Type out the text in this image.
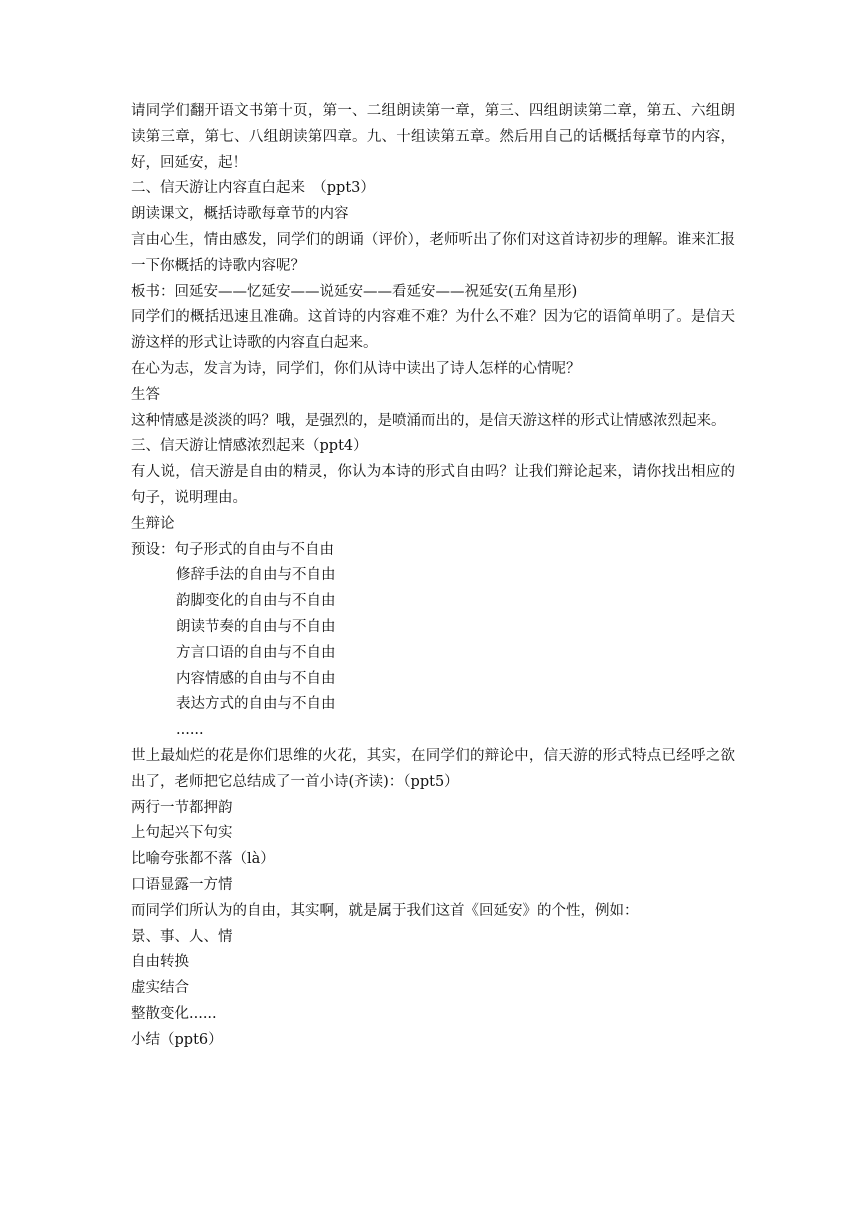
请同学们翻开语文书第十页，第一、二组朗读第一章，第三、四组朗读第二章，第五、六组朗读第三章，第七、八组朗读第四章。九、十组读第五章。然后用自己的话概括每章节的内容，好，回延安，起！

二、信天游让内容直白起来　（ppt3）

朗读课文，概括诗歌每章节的内容

言由心生，情由感发，同学们的朗诵（评价），老师听出了你们对这首诗初步的理解。谁来汇报一下你概括的诗歌内容呢？

板书：回延安——忆延安——说延安——看延安——祝延安(五角星形)

同学们的概括迅速且准确。这首诗的内容难不难？为什么不难？因为它的语简单明了。是信天游这样的形式让诗歌的内容直白起来。

在心为志，发言为诗，同学们，你们从诗中读出了诗人怎样的心情呢？

生答

这种情感是淡淡的吗？哦，是强烈的，是喷涌而出的，是信天游这样的形式让情感浓烈起来。

三、信天游让情感浓烈起来（ppt4）

有人说，信天游是自由的精灵，你认为本诗的形式自由吗？让我们辩论起来，请你找出相应的句子，说明理由。

生辩论

预设：句子形式的自由与不自由

修辞手法的自由与不自由

韵脚变化的自由与不自由

朗读节奏的自由与不自由

方言口语的自由与不自由

内容情感的自由与不自由

表达方式的自由与不自由

......

世上最灿烂的花是你们思维的火花，其实，在同学们的辩论中，信天游的形式特点已经呼之欲出了，老师把它总结成了一首小诗(齐读)：（ppt5）

两行一节都押韵

上句起兴下句实

比喻夸张都不落（là）

口语显露一方情

而同学们所认为的自由，其实啊，就是属于我们这首《回延安》的个性，例如：

景、事、人、情

自由转换

虚实结合

整散变化......

小结（ppt6）
